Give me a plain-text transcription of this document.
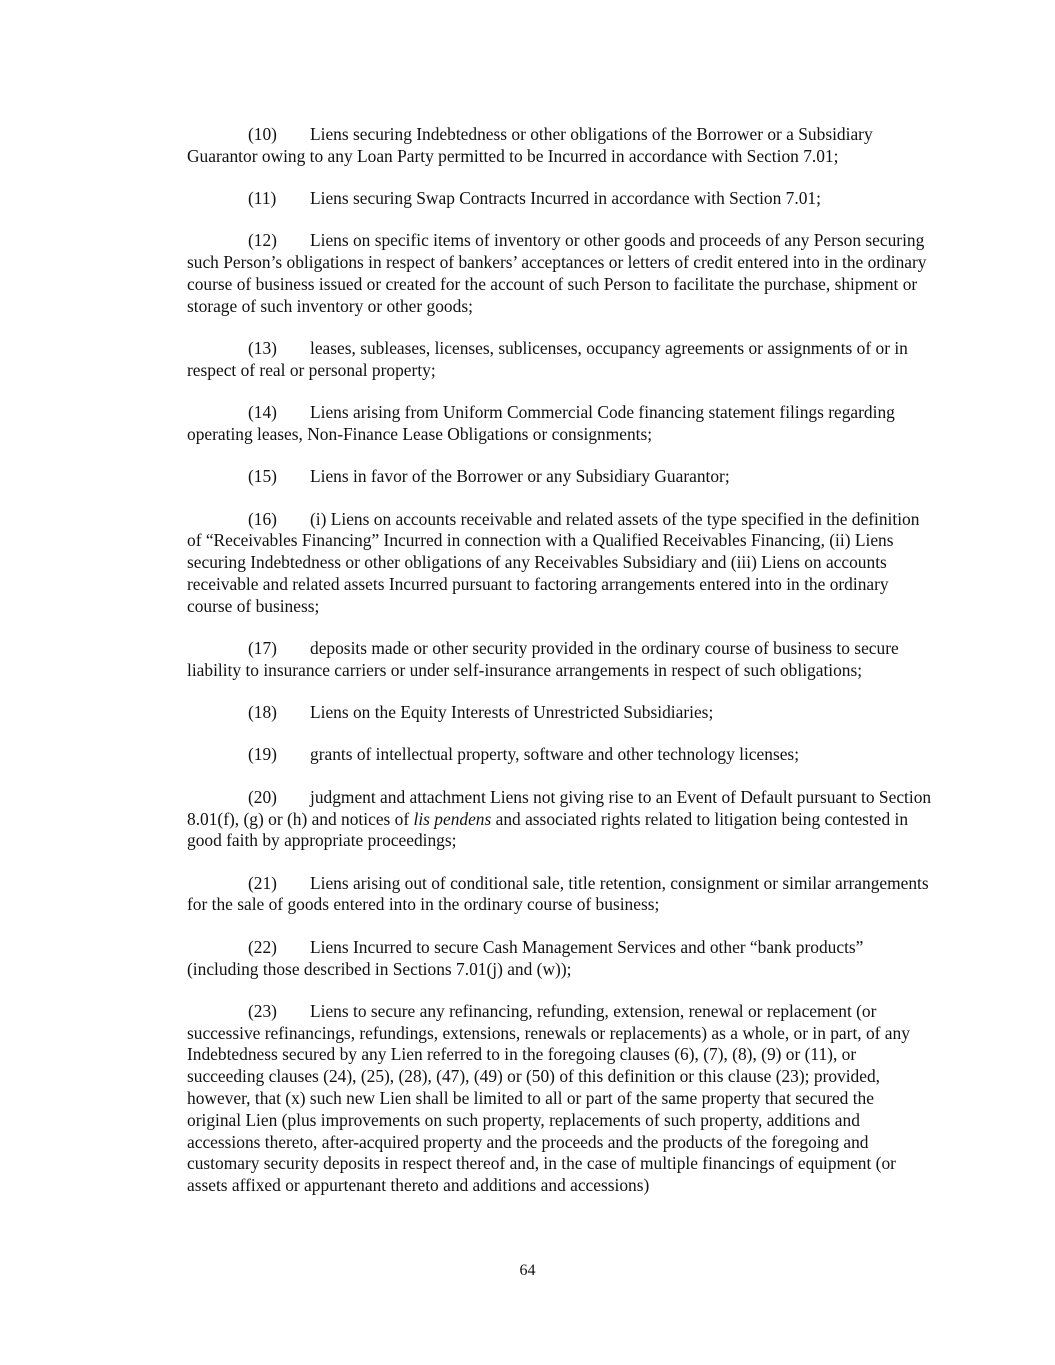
(10) Liens securing Indebtedness or other obligations of the Borrower or a Subsidiary Guarantor owing to any Loan Party permitted to be Incurred in accordance with Section 7.01;

(11) Liens securing Swap Contracts Incurred in accordance with Section 7.01;

(12) Liens on specific items of inventory or other goods and proceeds of any Person securing such Person’s obligations in respect of bankers’ acceptances or letters of credit entered into in the ordinary course of business issued or created for the account of such Person to facilitate the purchase, shipment or storage of such inventory or other goods;

(13) leases, subleases, licenses, sublicenses, occupancy agreements or assignments of or in respect of real or personal property;

(14) Liens arising from Uniform Commercial Code financing statement filings regarding operating leases, Non-Finance Lease Obligations or consignments;

(15) Liens in favor of the Borrower or any Subsidiary Guarantor;

(16) (i) Liens on accounts receivable and related assets of the type specified in the definition of “Receivables Financing” Incurred in connection with a Qualified Receivables Financing, (ii) Liens securing Indebtedness or other obligations of any Receivables Subsidiary and (iii) Liens on accounts receivable and related assets Incurred pursuant to factoring arrangements entered into in the ordinary course of business;

(17) deposits made or other security provided in the ordinary course of business to secure liability to insurance carriers or under self-insurance arrangements in respect of such obligations;

(18) Liens on the Equity Interests of Unrestricted Subsidiaries;

(19) grants of intellectual property, software and other technology licenses;

(20) judgment and attachment Liens not giving rise to an Event of Default pursuant to Section 8.01(f), (g) or (h) and notices of lis pendens and associated rights related to litigation being contested in good faith by appropriate proceedings;

(21) Liens arising out of conditional sale, title retention, consignment or similar arrangements for the sale of goods entered into in the ordinary course of business;

(22) Liens Incurred to secure Cash Management Services and other “bank products” (including those described in Sections 7.01(j) and (w));

(23) Liens to secure any refinancing, refunding, extension, renewal or replacement (or successive refinancings, refundings, extensions, renewals or replacements) as a whole, or in part, of any Indebtedness secured by any Lien referred to in the foregoing clauses (6), (7), (8), (9) or (11), or succeeding clauses (24), (25), (28), (47), (49) or (50) of this definition or this clause (23); provided, however, that (x) such new Lien shall be limited to all or part of the same property that secured the original Lien (plus improvements on such property, replacements of such property, additions and accessions thereto, after-acquired property and the proceeds and the products of the foregoing and customary security deposits in respect thereof and, in the case of multiple financings of equipment (or assets affixed or appurtenant thereto and additions and accessions)

64
